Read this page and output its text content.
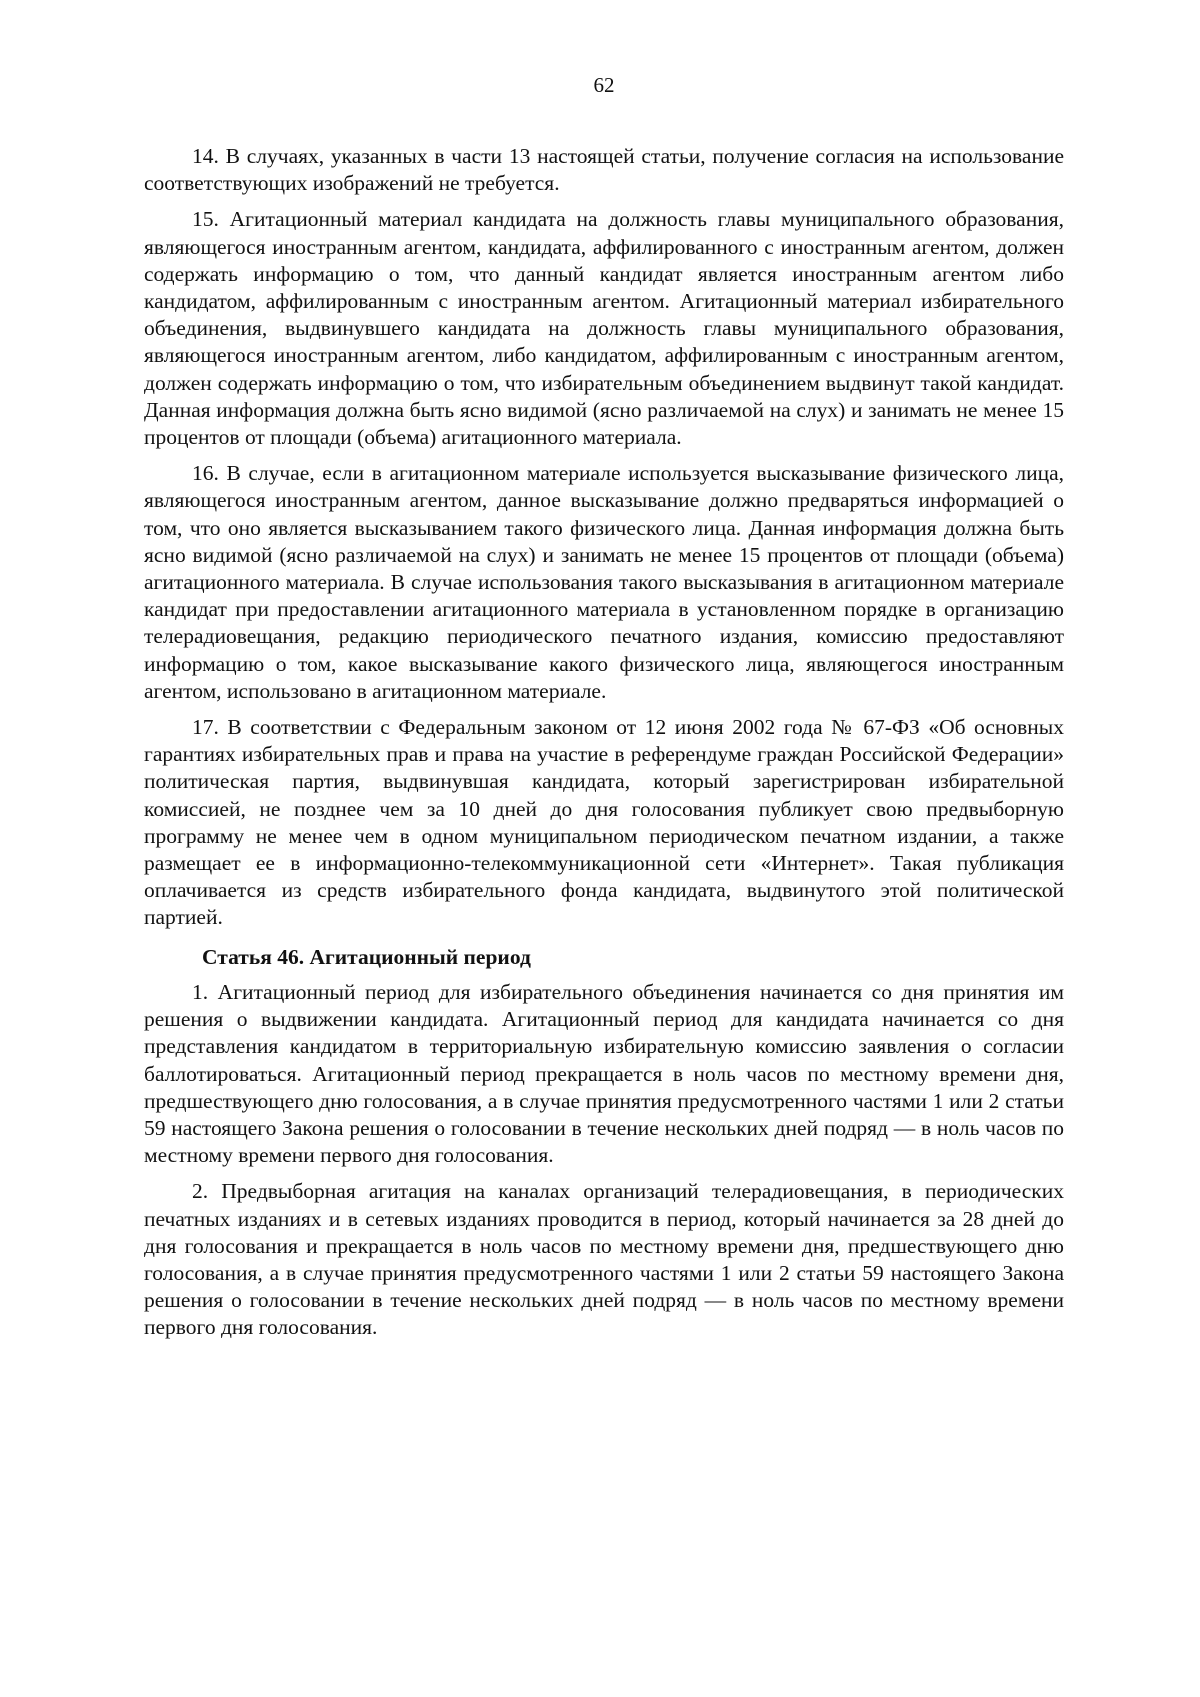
62

14. В случаях, указанных в части 13 настоящей статьи, получение согласия на использование соответствующих изображений не требуется.

15. Агитационный материал кандидата на должность главы муниципального образования, являющегося иностранным агентом, кандидата, аффилированного с иностранным агентом, должен содержать информацию о том, что данный кандидат является иностранным агентом либо кандидатом, аффилированным с иностранным агентом. Агитационный материал избирательного объединения, выдвинувшего кандидата на должность главы муниципального образования, являющегося иностранным агентом, либо кандидатом, аффилированным с иностранным агентом, должен содержать информацию о том, что избирательным объединением выдвинут такой кандидат. Данная информация должна быть ясно видимой (ясно различаемой на слух) и занимать не менее 15 процентов от площади (объема) агитационного материала.

16. В случае, если в агитационном материале используется высказывание физического лица, являющегося иностранным агентом, данное высказывание должно предваряться информацией о том, что оно является высказыванием такого физического лица. Данная информация должна быть ясно видимой (ясно различаемой на слух) и занимать не менее 15 процентов от площади (объема) агитационного материала. В случае использования такого высказывания в агитационном материале кандидат при предоставлении агитационного материала в установленном порядке в организацию телерадиовещания, редакцию периодического печатного издания, комиссию предоставляют информацию о том, какое высказывание какого физического лица, являющегося иностранным агентом, использовано в агитационном материале.

17. В соответствии с Федеральным законом от 12 июня 2002 года № 67-ФЗ «Об основных гарантиях избирательных прав и права на участие в референдуме граждан Российской Федерации» политическая партия, выдвинувшая кандидата, который зарегистрирован избирательной комиссией, не позднее чем за 10 дней до дня голосования публикует свою предвыборную программу не менее чем в одном муниципальном периодическом печатном издании, а также размещает ее в информационно-телекоммуникационной сети «Интернет». Такая публикация оплачивается из средств избирательного фонда кандидата, выдвинутого этой политической партией.

Статья 46. Агитационный период

1. Агитационный период для избирательного объединения начинается со дня принятия им решения о выдвижении кандидата. Агитационный период для кандидата начинается со дня представления кандидатом в территориальную избирательную комиссию заявления о согласии баллотироваться. Агитационный период прекращается в ноль часов по местному времени дня, предшествующего дню голосования, а в случае принятия предусмотренного частями 1 или 2 статьи 59 настоящего Закона решения о голосовании в течение нескольких дней подряд — в ноль часов по местному времени первого дня голосования.

2. Предвыборная агитация на каналах организаций телерадиовещания, в периодических печатных изданиях и в сетевых изданиях проводится в период, который начинается за 28 дней до дня голосования и прекращается в ноль часов по местному времени дня, предшествующего дню голосования, а в случае принятия предусмотренного частями 1 или 2 статьи 59 настоящего Закона решения о голосовании в течение нескольких дней подряд — в ноль часов по местному времени первого дня голосования.
